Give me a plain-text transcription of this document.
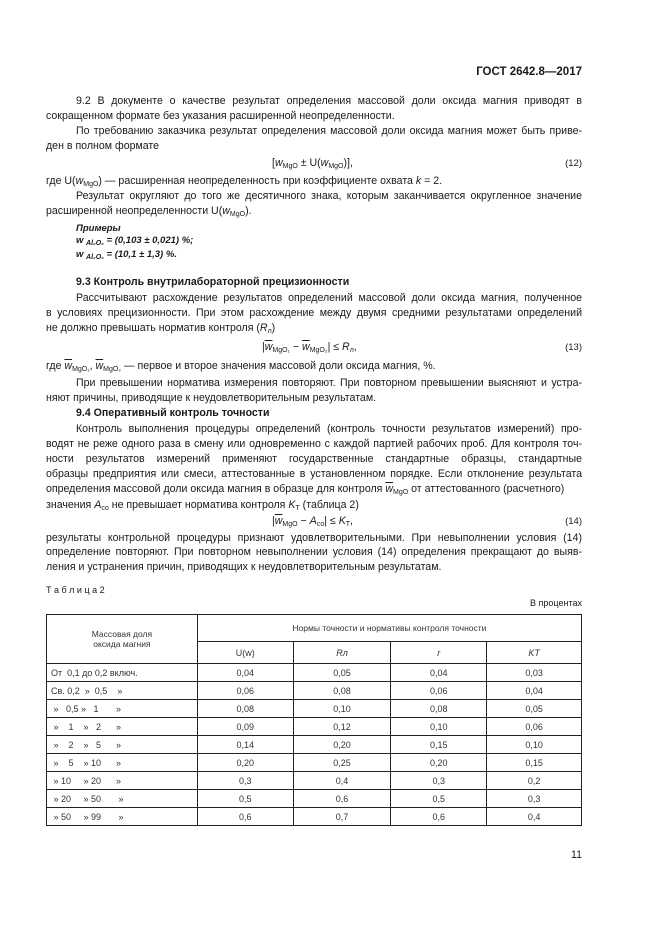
ГОСТ 2642.8—2017
9.2 В документе о качестве результат определения массовой доли оксида магния приводят в
сокращенном формате без указания расширенной неопределенности.
По требованию заказчика результат определения массовой доли оксида магния может быть приве-
ден в полном формате
$[w_{MgO} \pm U(w_{MgO})]$,	(12)
где $U(w_{MgO})$ — расширенная неопределенность при коэффициенте охвата k = 2.
Результат округляют до того же десятичного знака, которым заканчивается округленное значение
расширенной неопределенности $U(w_{MgO})$.
Примеры
w $_{Al_2O_3}$ = (0,103 ± 0,021) %;
w $_{Al_2O_3}$ = (10,1 ± 1,3) %.
9.3 Контроль внутрилабораторной прецизионности
Рассчитывают расхождение результатов определений массовой доли оксида магния, полученное
в условиях прецизионности. При этом расхождение между двумя средними результатами определений
не должно превышать норматив контроля $(R_л)$
$|\overline{w}_{MgO_1} - \overline{w}_{MgO_2}| \le R_л$,	(13)
где $\overline{w}_{MgO_1}$, $\overline{w}_{MgO_2}$ — первое и второе значения массовой доли оксида магния, %.
При превышении норматива измерения повторяют. При повторном превышении выясняют и устра-
няют причины, приводящие к неудовлетворительным результатам.
9.4 Оперативный контроль точности
Контроль выполнения процедуры определений (контроль точности результатов измерений) про-
водят не реже одного раза в смену или одновременно с каждой партией рабочих проб. Для контроля точ-
ности результатов измерений применяют государственные стандартные образцы, стандартные
образцы предприятия или смеси, аттестованные в установленном порядке. Если отклонение результата
определения массовой доли оксида магния в образце для контроля $\overline{w}_{MgO}$ от аттестованного (расчетного)
значения $A_{со}$ не превышает норматива контроля $K_Т$ (таблица 2)
$|\overline{w}_{MgO} - A_{со}| \le K_Т$,	(14)
результаты контрольной процедуры признают удовлетворительными. При невыполнении условия (14)
определение повторяют. При повторном невыполнении условия (14) определения прекращают до выяв-
ления и устранения причин, приводящих к неудовлетворительным результатам.
Т а б л и ц а 2
В процентах
Массовая доля оксида магния	Нормы точности и нормативы контроля точности			
	U(w)	Rл	r	KТ
От  0,1 до 0,2 включ.	0,04	0,05	0,04	0,03
Св. 0,2  »  0,5    »	0,06	0,08	0,06	0,04
»   0,5 »   1       »	0,08	0,10	0,08	0,05
»    1    »   2      »	0,09	0,12	0,10	0,06
»    2    »   5      »	0,14	0,20	0,15	0,10
»    5    » 10      »	0,20	0,25	0,20	0,15
» 10     » 20      »	0,3	0,4	0,3	0,2
» 20     » 50       »	0,5	0,6	0,5	0,3
» 50     » 99       »	0,6	0,7	0,6	0,4
11
